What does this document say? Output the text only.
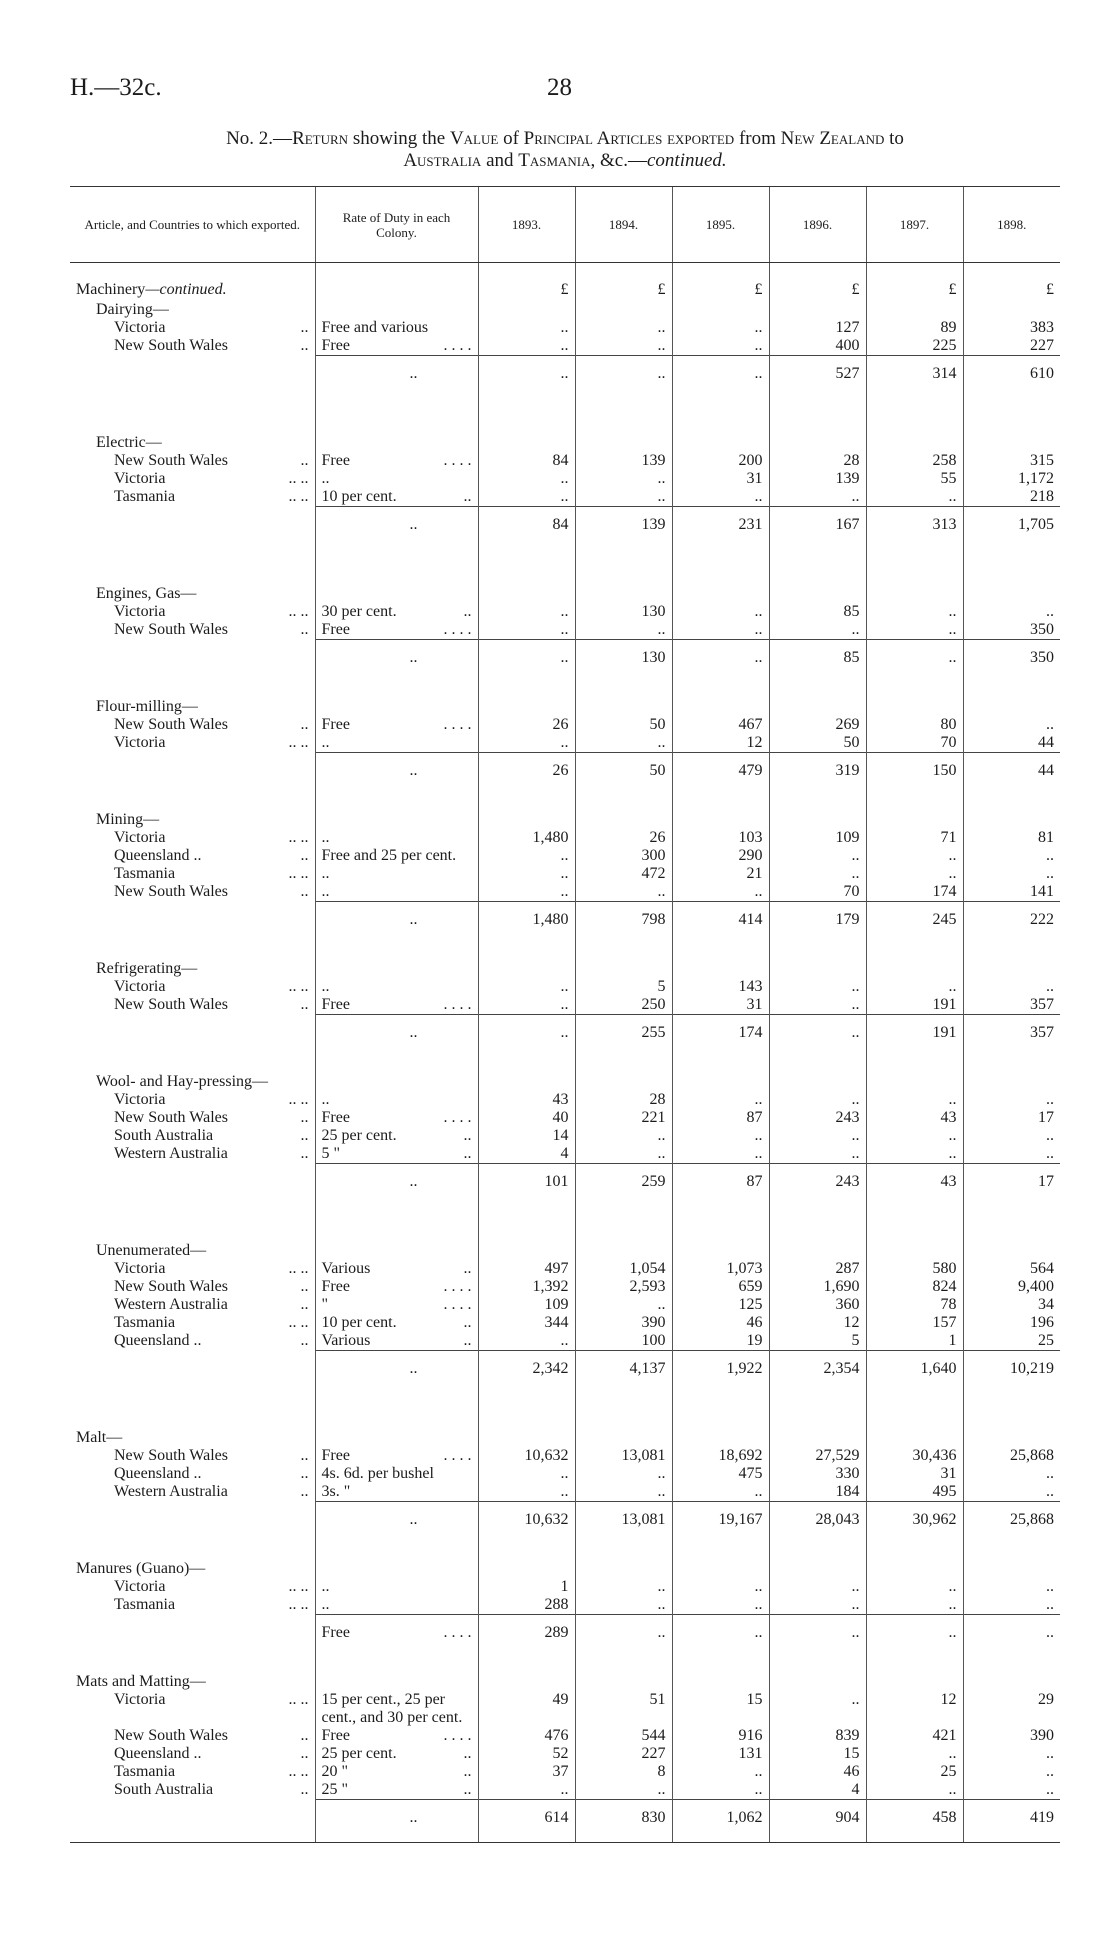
H.—32c.	28
No. 2.—Return showing the Value of Principal Articles exported from New Zealand to
Australia and Tasmania, &c.—continued.
Article, and Countries to which exported.	Rate of Duty in each Colony.	1893.	1894.	1895.	1896.	1897.	1898.
Machinery—continued.		£	£	£	£	£	£
Dairying—							

Victoria ..	Free and various	..	..	..	127	89	383

New South Wales ..	Free . . . .	..	..	..	400	225	227

	..	..	..	..	527	314	610

Electric—							

New South Wales ..	Free . . . .	84	139	200	28	258	315

Victoria .. ..	..	..	..	31	139	55	1,172

Tasmania .. ..	10 per cent. ..	..	..	..	..	..	218

	..	84	139	231	167	313	1,705

Engines, Gas—							

Victoria .. ..	30 per cent. ..	..	130	..	85	..	..

New South Wales ..	Free . . . .	..	..	..	..	..	350

	..	..	130	..	85	..	350

Flour-milling—							

New South Wales ..	Free . . . .	26	50	467	269	80	..

Victoria .. ..	..	..	..	12	50	70	44

	..	26	50	479	319	150	44

Mining—							

Victoria .. ..	..	1,480	26	103	109	71	81

Queensland .. ..	Free and 25 per cent.	..	300	290	..	..	..

Tasmania .. ..	..	..	472	21	..	..	..

New South Wales ..	..	..	..	..	70	174	141

	..	1,480	798	414	179	245	222

Refrigerating—							

Victoria .. ..	..	..	5	143	..	..	..

New South Wales ..	Free . . . .	..	250	31	..	191	357

	..	..	255	174	..	191	357

Wool- and Hay-pressing—							

Victoria .. ..	..	43	28	..	..	..	..

New South Wales ..	Free . . . .	40	221	87	243	43	17

South Australia ..	25 per cent. ..	14	..	..	..	..	..

Western Australia ..	5 " ..	4	..	..	..	..	..

	..	101	259	87	243	43	17

Unenumerated—							

Victoria .. ..	Various ..	497	1,054	1,073	287	580	564

New South Wales ..	Free . . . .	1,392	2,593	659	1,690	824	9,400

Western Australia ..	" . . . .	109	..	125	360	78	34

Tasmania .. ..	10 per cent. ..	344	390	46	12	157	196

Queensland .. ..	Various ..	..	100	19	5	1	25

	..	2,342	4,137	1,922	2,354	1,640	10,219

Malt—							

New South Wales ..	Free . . . .	10,632	13,081	18,692	27,529	30,436	25,868

Queensland .. ..	4s. 6d. per bushel	..	..	475	330	31	..

Western Australia ..	3s. "	..	..	..	184	495	..

	..	10,632	13,081	19,167	28,043	30,962	25,868

Manures (Guano)—							

Victoria .. ..	..	1	..	..	..	..	..

Tasmania .. ..	..	288	..	..	..	..	..

	Free . . . .	289	..	..	..	..	..

Mats and Matting—							

Victoria .. ..	15 per cent., 25 per cent., and 30 per cent.	49	51	15	..	12	29

New South Wales ..	Free . . . .	476	544	916	839	421	390

Queensland .. ..	25 per cent. ..	52	227	131	15	..	..

Tasmania .. ..	20 " ..	37	8	..	46	25	..

South Australia ..	25 " ..	..	..	..	4	..	..

	..	614	830	1,062	904	458	419
